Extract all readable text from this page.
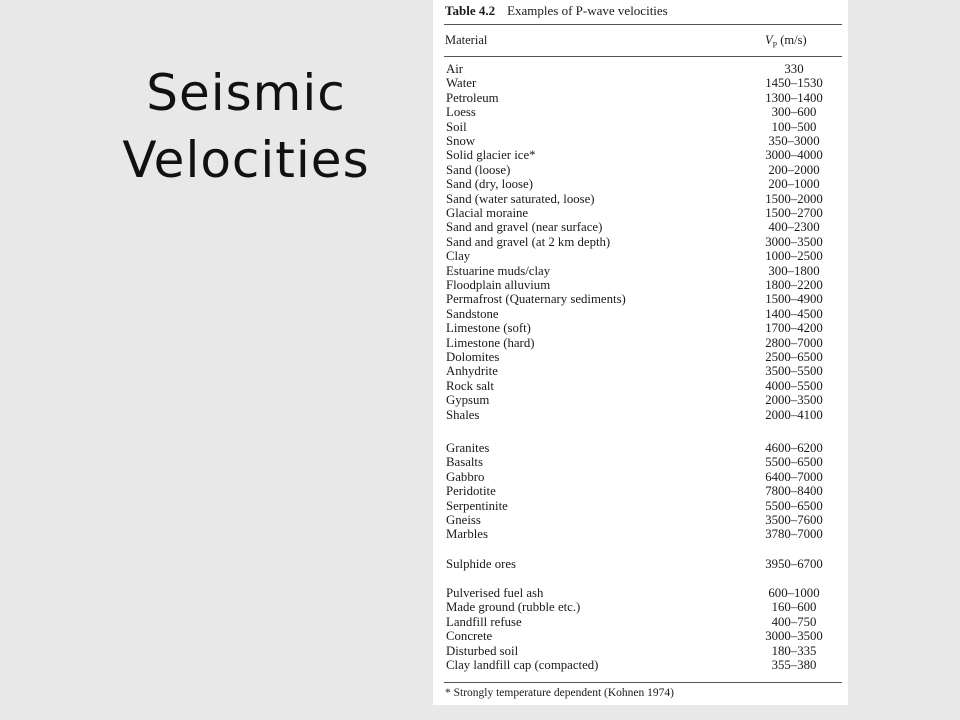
Seismic
Velocities
Table 4.2 Examples of P-wave velocities
Material	$V_P$ (m/s)
Air	330
Water	1450–1530
Petroleum	1300–1400
Loess	300–600
Soil	100–500
Snow	350–3000
Solid glacier ice*	3000–4000
Sand (loose)	200–2000
Sand (dry, loose)	200–1000
Sand (water saturated, loose)	1500–2000
Glacial moraine	1500–2700
Sand and gravel (near surface)	400–2300
Sand and gravel (at 2 km depth)	3000–3500
Clay	1000–2500
Estuarine muds/clay	300–1800
Floodplain alluvium	1800–2200
Permafrost (Quaternary sediments)	1500–4900
Sandstone	1400–4500
Limestone (soft)	1700–4200
Limestone (hard)	2800–7000
Dolomites	2500–6500
Anhydrite	3500–5500
Rock salt	4000–5500
Gypsum	2000–3500
Shales	2000–4100
Granites	4600–6200
Basalts	5500–6500
Gabbro	6400–7000
Peridotite	7800–8400
Serpentinite	5500–6500
Gneiss	3500–7600
Marbles	3780–7000
Sulphide ores	3950–6700
Pulverised fuel ash	600–1000
Made ground (rubble etc.)	160–600
Landfill refuse	400–750
Concrete	3000–3500
Disturbed soil	180–335
Clay landfill cap (compacted)	355–380
* Strongly temperature dependent (Kohnen 1974)
